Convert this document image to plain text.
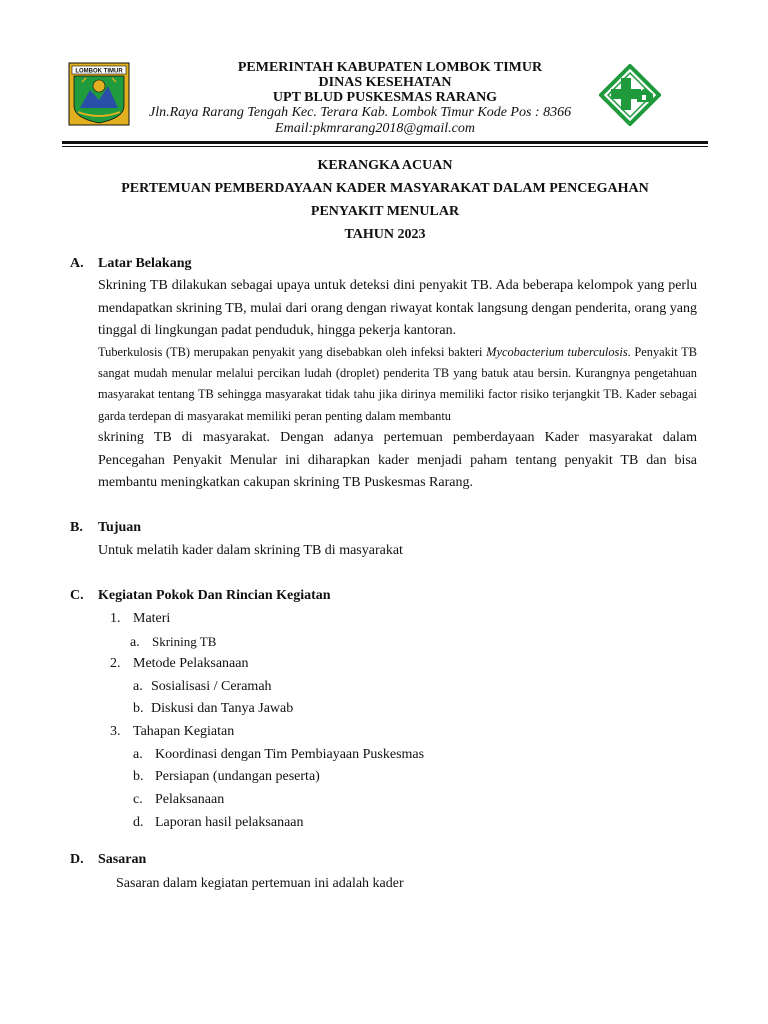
LOMBOK TIMUR	PEMERINTAH KABUPATEN LOMBOK TIMUR
DINAS KESEHATAN
UPT BLUD PUSKESMAS RARANG
Jln.Raya Rarang Tengah Kec. Terara Kab. Lombok Timur Kode Pos : 8366
Email:pkmrarang2018@gmail.com
KERANGKA ACUAN
PERTEMUAN PEMBERDAYAAN KADER MASYARAKAT DALAM PENCEGAHAN
PENYAKIT MENULAR
TAHUN 2023
A. Latar Belakang

Skrining TB dilakukan sebagai upaya untuk deteksi dini penyakit TB. Ada beberapa kelompok yang perlu mendapatkan skrining TB, mulai dari orang dengan riwayat kontak langsung dengan penderita, orang yang tinggal di lingkungan padat penduduk, hingga pekerja kantoran.

Tuberkulosis (TB) merupakan penyakit yang disebabkan oleh infeksi bakteri Mycobacterium tuberculosis. Penyakit TB sangat mudah menular melalui percikan ludah (droplet) penderita TB yang batuk atau bersin. Kurangnya pengetahuan masyarakat tentang TB sehingga masyarakat tidak tahu jika dirinya memiliki factor risiko terjangkit TB. Kader sebagai garda terdepan di masyarakat memiliki peran penting dalam membantu

skrining TB di masyarakat. Dengan adanya pertemuan pemberdayaan Kader masyarakat dalam Pencegahan Penyakit Menular ini diharapkan kader menjadi paham tentang penyakit TB dan bisa membantu meningkatkan cakupan skrining TB Puskesmas Rarang.

B. Tujuan
Untuk melatih kader dalam skrining TB di masyarakat
C. Kegiatan Pokok Dan Rincian Kegiatan
1. Materi
a. Skrining TB
2. Metode Pelaksanaan
a. Sosialisasi / Ceramah
b. Diskusi dan Tanya Jawab
3. Tahapan Kegiatan
a. Koordinasi dengan Tim Pembiayaan Puskesmas
b. Persiapan (undangan peserta)
c. Pelaksanaan
d. Laporan hasil pelaksanaan
D. Sasaran
Sasaran dalam kegiatan pertemuan ini adalah kader
